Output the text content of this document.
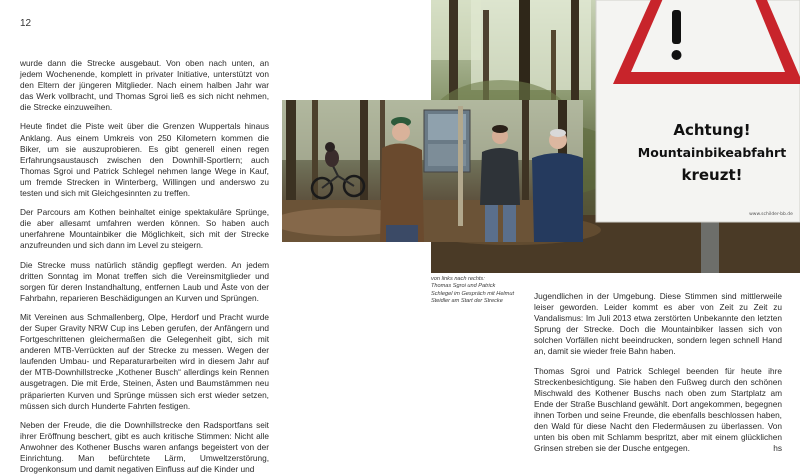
12

wurde dann die Strecke ausgebaut. Von oben nach unten, an jedem Wochenende, komplett in privater Initiative, unterstützt von den Eltern der jüngeren Mitglieder. Nach einem halben Jahr war das Werk vollbracht, und Thomas Sgroi ließ es sich nicht nehmen, die Strecke einzuweihen.

Heute findet die Piste weit über die Grenzen Wuppertals hinaus Anklang. Aus einem Umkreis von 250 Kilometern kommen die Biker, um sie auszuprobieren. Es gibt generell einen regen Erfahrungsaustausch zwischen den Downhill-Sportlern; auch Thomas Sgroi und Patrick Schlegel nehmen lange Wege in Kauf, um fremde Strecken in Winterberg, Willingen und anderswo zu testen und sich mit Gleichgesinnten zu treffen.

Der Parcours am Kothen beinhaltet einige spektakuläre Sprünge, die aber allesamt umfahren werden können. So haben auch unerfahrene Mountainbiker die Möglichkeit, sich mit der Strecke anzufreunden und sich dann im Level zu steigern.

Die Strecke muss natürlich ständig gepflegt werden. An jedem dritten Sonntag im Monat treffen sich die Vereinsmitglieder und sorgen für deren Instandhaltung, entfernen Laub und Äste von der Fahrbahn, reparieren Beschädigungen an Kurven und Sprüngen.

Mit Vereinen aus Schmallenberg, Olpe, Herdorf und Pracht wurde der Super Gravity NRW Cup ins Leben gerufen, der Anfängern und Fortgeschrittenen gleichermaßen die Gelegenheit gibt, sich mit anderen MTB-Verrückten auf der Strecke zu messen. Wegen der laufenden Umbau- und Reparaturarbeiten wird in diesem Jahr auf der MTB-Downhillstrecke „Kothener Busch“ allerdings kein Rennen ausgetragen. Die mit Erde, Steinen, Ästen und Baumstämmen neu präparierten Kurven und Sprünge müssen sich erst wieder setzen, müssen sich durch Hunderte Fahrten festigen.

Neben der Freude, die die Downhillstrecke den Radsportfans seit ihrer Eröffnung beschert, gibt es auch kritische Stimmen: Nicht alle Anwohner des Kothener Buschs waren anfangs begeistert von der Einrichtung. Man befürchtete Lärm, Umweltzerstörung, Drogenkonsum und damit negativen Einfluss auf die Kinder und

Achtung!
Mountainbikeabfahrt
kreuzt!
www.schilder-bb.de
von links nach rechts:
Thomas Sgroi und Patrick
Schlegel im Gespräch mit Helmut
Steidler am Start der Strecke	Jugendlichen in der Umgebung. Diese Stimmen sind mittlerweile leiser geworden. Leider kommt es aber von Zeit zu Zeit zu Vandalismus: Im Juli 2013 etwa zerstörten Unbekannte den letzten Sprung der Strecke. Doch die Mountainbiker lassen sich von solchen Vorfällen nicht beeindrucken, sondern legen schnell Hand an, damit sie wieder freie Bahn haben.

Thomas Sgroi und Patrick Schlegel beenden für heute ihre Streckenbesichtigung. Sie haben den Fußweg durch den schönen Mischwald des Kothener Buschs nach oben zum Startplatz am Ende der Straße Buschland gewählt. Dort angekommen, begegnen ihnen Torben und seine Freunde, die ebenfalls beschlossen haben, den Wald für diese Nacht den Fledermäusen zu überlassen. Von unten bis oben mit Schlamm bespritzt, aber mit einem glücklichen Grinsen streben sie der Dusche entgegen.	hs
